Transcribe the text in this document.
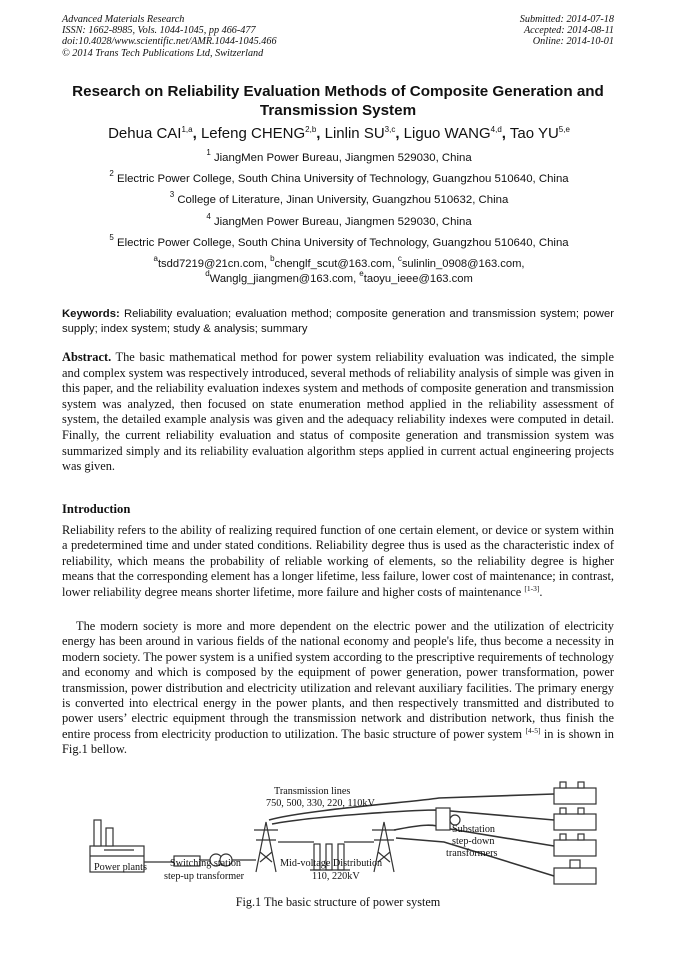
Advanced Materials Research
ISSN: 1662-8985, Vols. 1044-1045, pp 466-477
doi:10.4028/www.scientific.net/AMR.1044-1045.466
© 2014 Trans Tech Publications Ltd, Switzerland
Submitted: 2014-07-18
Accepted: 2014-08-11
Online: 2014-10-01
Research on Reliability Evaluation Methods of Composite Generation and Transmission System
Dehua CAI$^{1,a}$, Lefeng CHENG$^{2,b}$, Linlin SU$^{3,c}$, Liguo WANG$^{4,d}$, Tao YU$^{5,e}$
$^1$ JiangMen Power Bureau, Jiangmen 529030, China
$^2$ Electric Power College, South China University of Technology, Guangzhou 510640, China
$^3$ College of Literature, Jinan University, Guangzhou 510632, China
$^4$ JiangMen Power Bureau, Jiangmen 529030, China
$^5$ Electric Power College, South China University of Technology, Guangzhou 510640, China
$^a$tsdd7219@21cn.com, $^b$chenglf_scut@163.com, $^c$sulinlin_0908@163.com,
$^d$Wanglg_jiangmen@163.com, $^e$taoyu_ieee@163.com
Keywords: Reliability evaluation; evaluation method; composite generation and transmission system; power supply; index system; study & analysis; summary
Abstract. The basic mathematical method for power system reliability evaluation was indicated, the simple and complex system was respectively introduced, several methods of reliability analysis of simple was given in this paper, and the reliability evaluation indexes system and methods of composite generation and transmission system was analyzed, then focused on state enumeration method applied in the reliability assessment of system, the detailed example analysis was given and the adequacy reliability indexes were computed in detail. Finally, the current reliability evaluation and status of composite generation and transmission system was summarized simply and its reliability evaluation algorithm steps applied in current actual engineering projects was given.
Introduction
Reliability refers to the ability of realizing required function of one certain element, or device or system within a predetermined time and under stated conditions. Reliability degree thus is used as the characteristic index of reliability, which means the probability of reliable working of elements, so the reliability degree is higher means that the corresponding element has a longer lifetime, less failure, lower cost of maintenance; in contrast, lower reliability degree means shorter lifetime, more failure and higher costs of maintenance [1-3].
The modern society is more and more dependent on the electric power and the utilization of electricity energy has been around in various fields of the national economy and people's life, thus become a necessity in modern society. The power system is a unified system according to the prescriptive requirements of technology and economy and which is composed by the equipment of power generation, power transformation, power transmission, power distribution and electricity utilization and relevant auxiliary facilities. The primary energy is converted into electrical energy in the power plants, and then respectively transmitted and distributed to power users’ electric equipment through the transmission network and distribution network, thus finish the entire process from electricity production to utilization. The basic structure of power system [4-5] in is shown in Fig.1 bellow.
Transmission lines
750, 500, 330, 220, 110kV
Substation
step-down
transformers
Power plants Switching station
step-up transformer
Mid-voltage Distribution
110, 220kV
Fig.1 The basic structure of power system
